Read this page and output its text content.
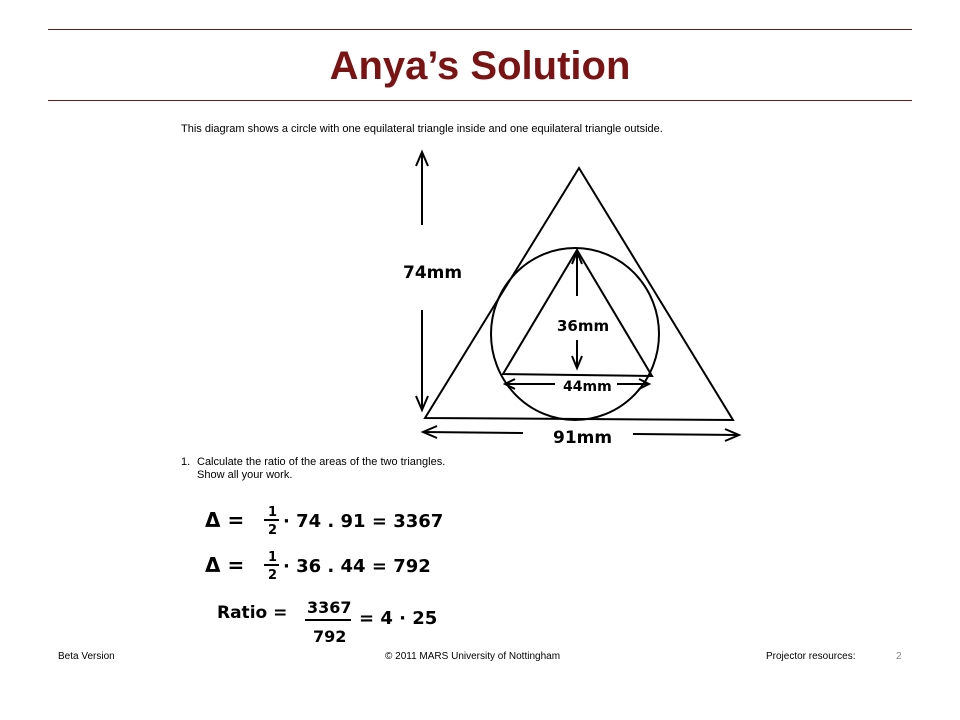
Anya’s Solution
This diagram shows a circle with one equilateral triangle inside and one equilateral triangle outside.
74mm
91mm
36mm
44mm
1. Calculate the ratio of the areas of the two triangles.
Show all your work.
Δ = 1
2 · 74 . 91 = 3367
Δ = 1
2 · 36 . 44 = 792
Ratio = 3367
792
= 4 · 25
Beta Version	© 2011 MARS University of Nottingham	Projector resources:	2
